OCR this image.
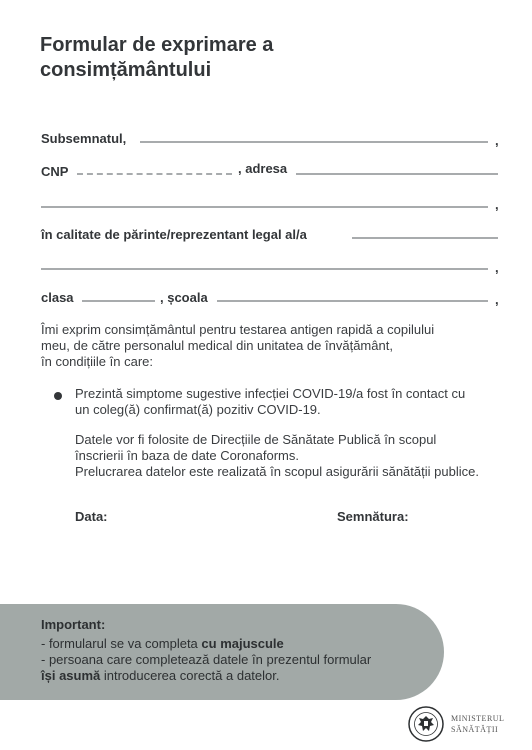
Formular de exprimare a
consimțământului
Subsemnatul,	,
CNP	, adresa
,
în calitate de părinte/reprezentant legal al/a
,
clasa	, școala	,
Îmi exprim consimțământul pentru testarea antigen rapidă a copilului
meu, de către personalul medical din unitatea de învățământ,
în condițiile în care:
Prezintă simptome sugestive infecției COVID-19/a fost în contact cu
un coleg(ă) confirmat(ă) pozitiv COVID-19.
Datele vor fi folosite de Direcțiile de Sănătate Publică în scopul
înscrierii în baza de date Coronaforms.
Prelucrarea datelor este realizată în scopul asigurării sănătății publice.
Data:	Semnătura:
Important:
- formularul se va completa cu majuscule
- persoana care completează datele în prezentul formular
își asumă introducerea corectă a datelor.
MINISTERUL
SĂNĂTĂȚII
